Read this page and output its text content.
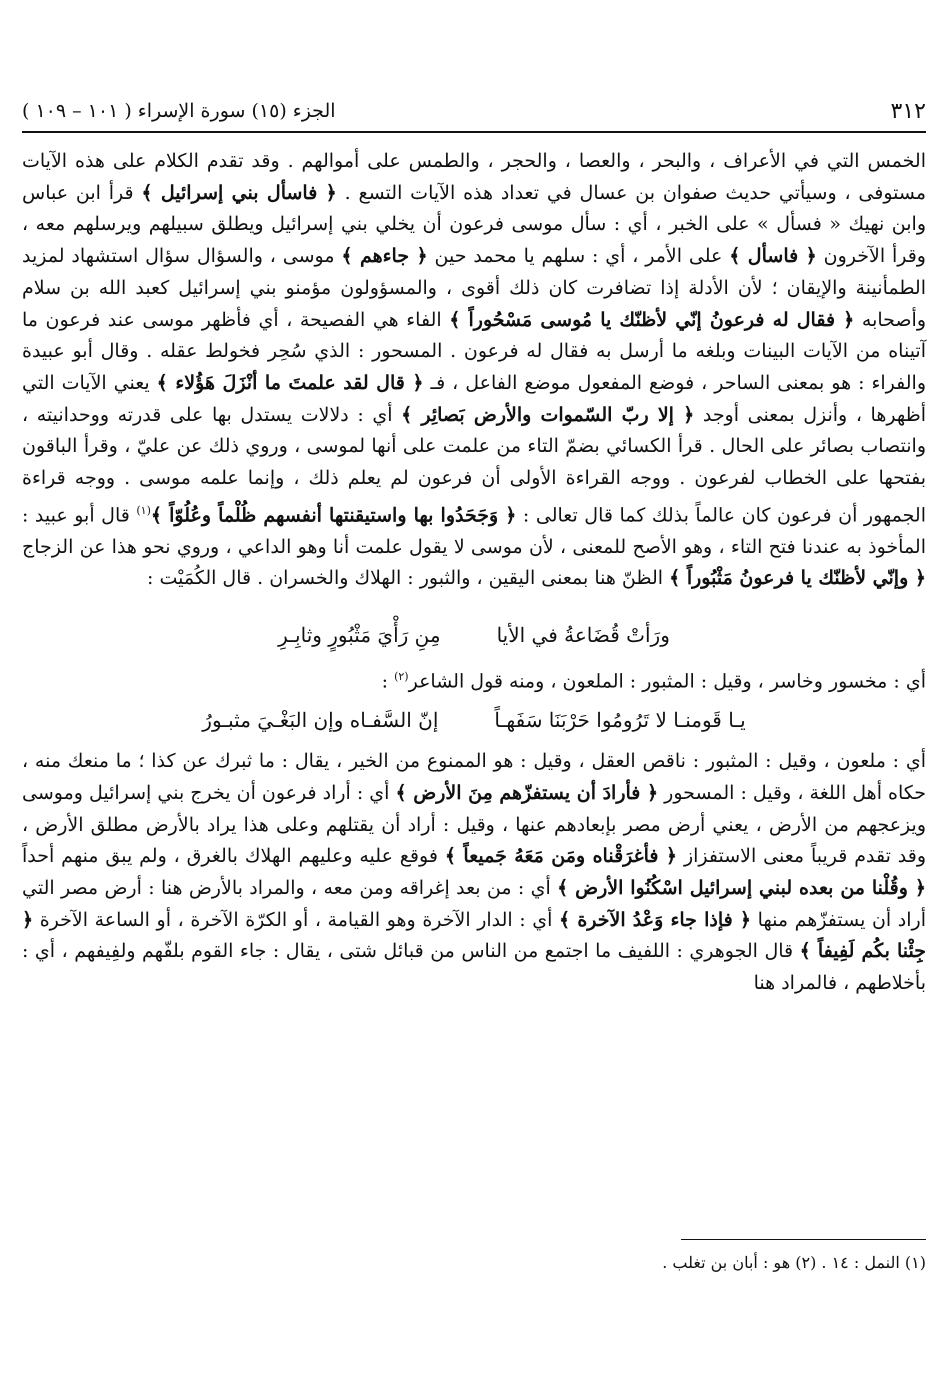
٣١٢
الجزء (١٥) سورة الإسراء ( ١٠١ – ١٠٩ )

الخمس التي في الأعراف ، والبحر ، والعصا ، والحجر ، والطمس على أموالهم . وقد تقدم الكلام على هذه الآيات مستوفى ، وسيأتي حديث صفوان بن عسال في تعداد هذه الآيات التسع . ﴿ فاسأل بني إسرائيل ﴾ قرأ ابن عباس وابن نهيك « فسأل » على الخبر ، أي : سأل موسى فرعون أن يخلي بني إسرائيل ويطلق سبيلهم ويرسلهم معه ، وقرأ الآخرون ﴿ فاسأل ﴾ على الأمر ، أي : سلهم يا محمد حين ﴿ جاءهم ﴾ موسى ، والسؤال سؤال استشهاد لمزيد الطمأنينة والإيقان ؛ لأن الأدلة إذا تضافرت كان ذلك أقوى ، والمسؤولون مؤمنو بني إسرائيل كعبد الله بن سلام وأصحابه ﴿ فقال له فرعونُ إنّي لأظنّك يا مُوسى مَسْحُوراً ﴾ الفاء هي الفصيحة ، أي فأظهر موسى عند فرعون ما آتيناه من الآيات البينات وبلغه ما أرسل به فقال له فرعون . المسحور : الذي سُحِر فخولط عقله . وقال أبو عبيدة والفراء : هو بمعنى الساحر ، فوضع المفعول موضع الفاعل ، فـ ﴿ قال لقد علمتَ ما أنْزَلَ هَؤُلاء ﴾ يعني الآيات التي أظهرها ، وأنزل بمعنى أوجد ﴿ إلا ربّ السّموات والأرض بَصائِر ﴾ أي : دلالات يستدل بها على قدرته ووحدانيته ، وانتصاب بصائر على الحال . قرأ الكسائي بضمّ التاء من علمت على أنها لموسى ، وروي ذلك عن عليّ ، وقرأ الباقون بفتحها على الخطاب لفرعون . ووجه القراءة الأولى أن فرعون لم يعلم ذلك ، وإنما علمه موسى . ووجه قراءة الجمهور أن فرعون كان عالماً بذلك كما قال تعالى : ﴿ وَجَحَدُوا بها واستيقنتها أنفسهم ظُلْماً وعُلُوّاً ﴾$^{(١)}$ قال أبو عبيد : المأخوذ به عندنا فتح التاء ، وهو الأصح للمعنى ، لأن موسى لا يقول علمت أنا وهو الداعي ، وروي نحو هذا عن الزجاج ﴿ وإنّي لأظنّك يا فرعونُ مَثْبُوراً ﴾ الظنّ هنا بمعنى اليقين ، والثبور : الهلاك والخسران . قال الكُمَيْت :

ورَأتْ قُضَاعةُ في الأيا
مِنِ رَأْيَ مَثْبُورٍ وثابِـرِ

أي : مخسور وخاسر ، وقيل : المثبور : الملعون ، ومنه قول الشاعر$^{(٢)}$ :

يـا قَومنـا لا تَرُومُوا حَرْبَنَا سَفَهـاً
إنّ السَّفـاه وإن البَغْـيَ مثبـورُ

أي : ملعون ، وقيل : المثبور : ناقص العقل ، وقيل : هو الممنوع من الخير ، يقال : ما ثبرك عن كذا ؛ ما منعك منه ، حكاه أهل اللغة ، وقيل : المسحور ﴿ فأرادَ أن يستفزّهم مِنَ الأرض ﴾ أي : أراد فرعون أن يخرج بني إسرائيل وموسى ويزعجهم من الأرض ، يعني أرض مصر بإبعادهم عنها ، وقيل : أراد أن يقتلهم وعلى هذا يراد بالأرض مطلق الأرض ، وقد تقدم قريباً معنى الاستفزاز ﴿ فأغرَقْناه ومَن مَعَهُ جَميعاً ﴾ فوقع عليه وعليهم الهلاك بالغرق ، ولم يبق منهم أحداً ﴿ وقُلْنا من بعده لبني إسرائيل اسْكُنُوا الأرض ﴾ أي : من بعد إغراقه ومن معه ، والمراد بالأرض هنا : أرض مصر التي أراد أن يستفزّهم منها ﴿ فإذا جاء وَعْدُ الآخرة ﴾ أي : الدار الآخرة وهو القيامة ، أو الكرّة الآخرة ، أو الساعة الآخرة ﴿ جِئْنا بكُم لَفِيفاً ﴾ قال الجوهري : اللفيف ما اجتمع من الناس من قبائل شتى ، يقال : جاء القوم بلفّهم ولفِيفهم ، أي : بأخلاطهم ، فالمراد هنا

(١) النمل : ١٤ . (٢) هو : أبان بن تغلب .
